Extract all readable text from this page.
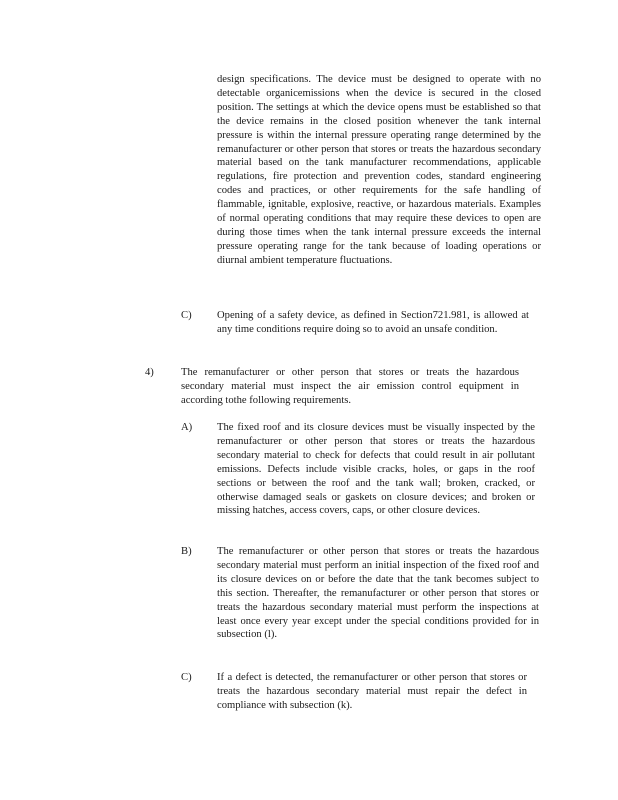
design specifications. The device must be designed to operate with no detectable organicemissions when the device is secured in the closed position. The settings at which the device opens must be established so that the device remains in the closed position whenever the tank internal pressure is within the internal pressure operating range determined by the remanufacturer or other person that stores or treats the hazardous secondary material based on the tank manufacturer recommendations, applicable regulations, fire protection and prevention codes, standard engineering codes and practices, or other requirements for the safe handling of flammable, ignitable, explosive, reactive, or hazardous materials. Examples of normal operating conditions that may require these devices to open are during those times when the tank internal pressure exceeds the internal pressure operating range for the tank because of loading operations or diurnal ambient temperature fluctuations.
C) Opening of a safety device, as defined in Section721.981, is allowed at any time conditions require doing so to avoid an unsafe condition.
4)	The remanufacturer or other person that stores or treats the hazardous secondary material must inspect the air emission control equipment in according tothe following requirements.
A) The fixed roof and its closure devices must be visually inspected by the remanufacturer or other person that stores or treats the hazardous secondary material to check for defects that could result in air pollutant emissions. Defects include visible cracks, holes, or gaps in the roof sections or between the roof and the tank wall; broken, cracked, or otherwise damaged seals or gaskets on closure devices; and broken or missing hatches, access covers, caps, or other closure devices.
B) The remanufacturer or other person that stores or treats the hazardous secondary material must perform an initial inspection of the fixed roof and its closure devices on or before the date that the tank becomes subject to this section. Thereafter, the remanufacturer or other person that stores or treats the hazardous secondary material must perform the inspections at least once every year except under the special conditions provided for in subsection (l).
C) If a defect is detected, the remanufacturer or other person that stores or treats the hazardous secondary material must repair the defect in compliance with subsection (k).
